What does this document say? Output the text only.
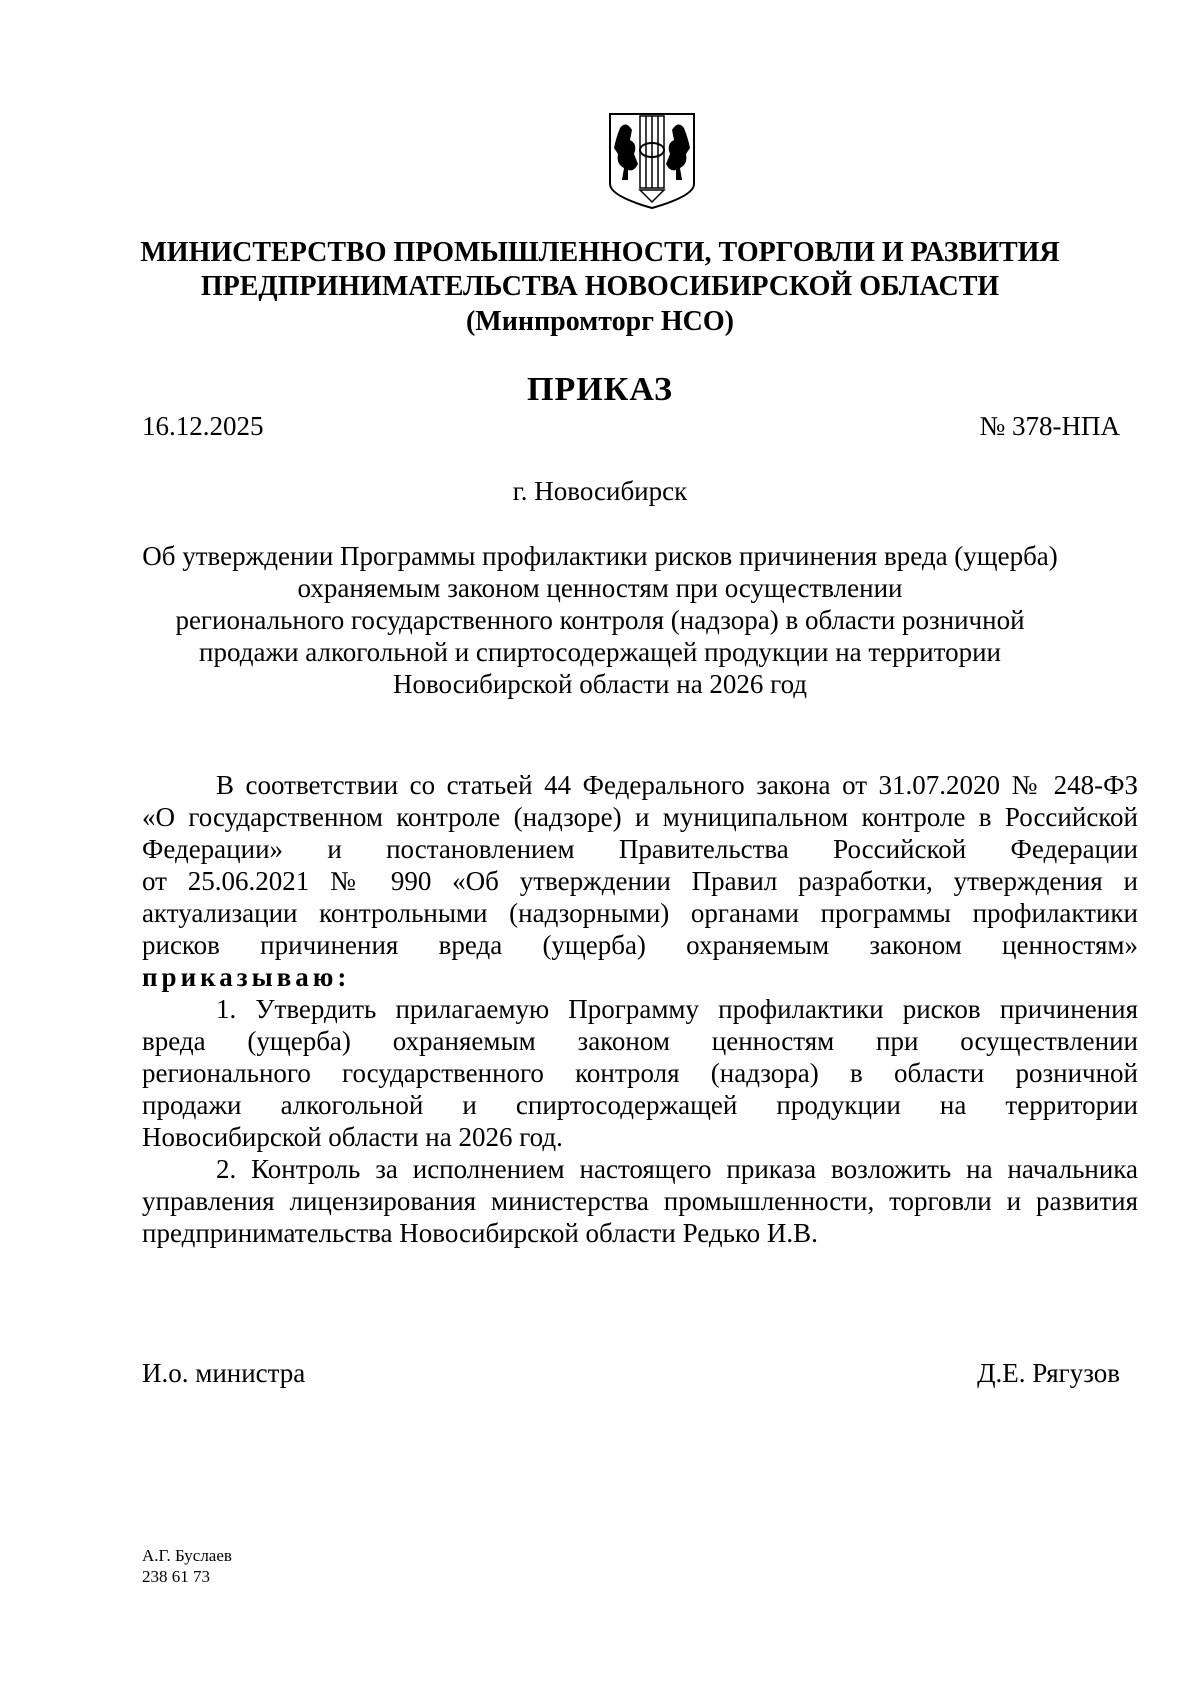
МИНИСТЕРСТВО ПРОМЫШЛЕННОСТИ, ТОРГОВЛИ И РАЗВИТИЯ
ПРЕДПРИНИМАТЕЛЬСТВА НОВОСИБИРСКОЙ ОБЛАСТИ
(Минпромторг НСО)
ПРИКАЗ
16.12.2025	№ 378-НПА
г. Новосибирск
Об утверждении Программы профилактики рисков причинения вреда (ущерба)
охраняемым законом ценностям при осуществлении
регионального государственного контроля (надзора) в области розничной
продажи алкогольной и спиртосодержащей продукции на территории
Новосибирской области на 2026 год
В соответствии со статьей 44 Федерального закона от 31.07.2020 № 248-ФЗ
«О государственном контроле (надзоре) и муниципальном контроле в Российской
Федерации» и постановлением Правительства Российской Федерации
от 25.06.2021 № 990 «Об утверждении Правил разработки, утверждения и
актуализации контрольными (надзорными) органами программы профилактики
рисков причинения вреда (ущерба) охраняемым законом ценностям»
приказываю:
1. Утвердить прилагаемую Программу профилактики рисков причинения
вреда (ущерба) охраняемым законом ценностям при осуществлении
регионального государственного контроля (надзора) в области розничной
продажи алкогольной и спиртосодержащей продукции на территории
Новосибирской области на 2026 год.
2. Контроль за исполнением настоящего приказа возложить на начальника
управления лицензирования министерства промышленности, торговли и развития
предпринимательства Новосибирской области Редько И.В.
И.о. министра	Д.Е. Рягузов
А.Г. Буслаев
238 61 73
